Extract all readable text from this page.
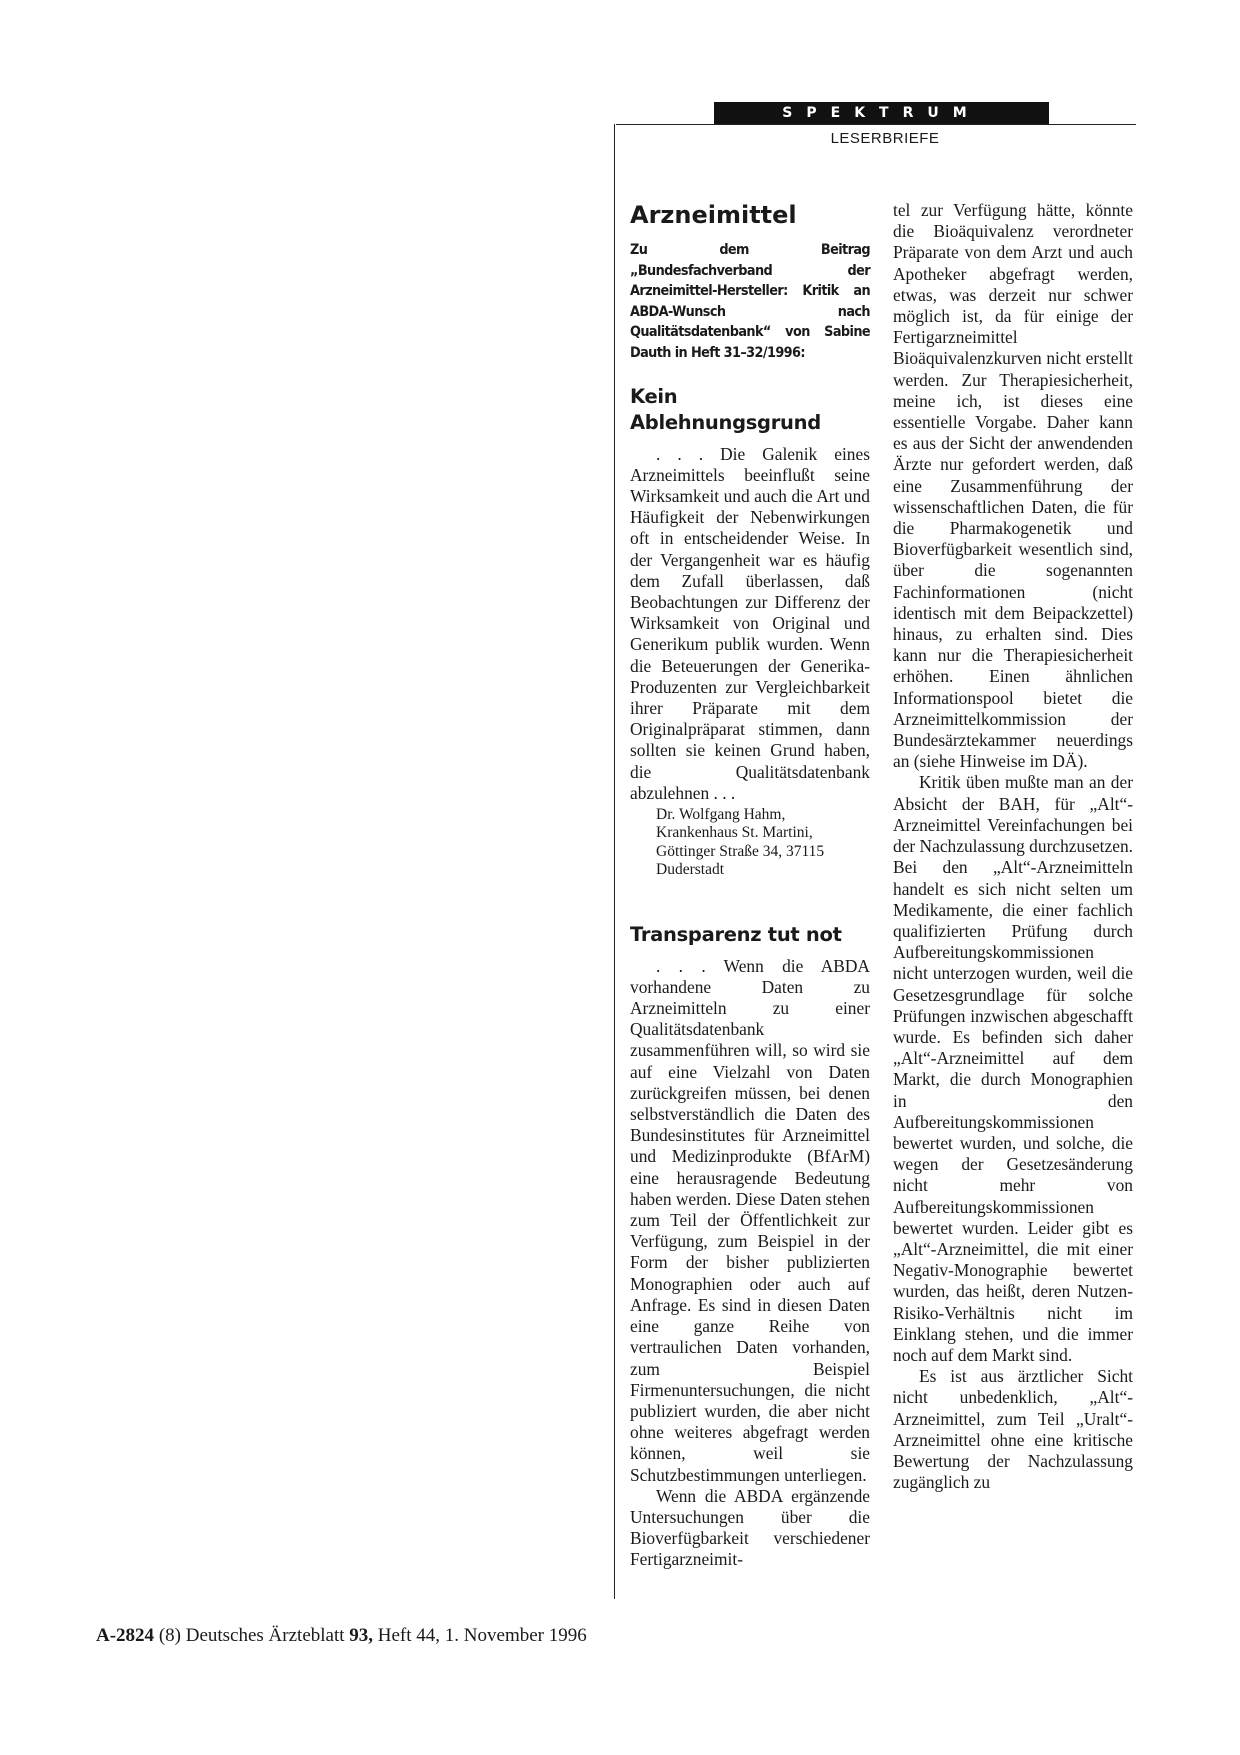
SPEKTRUM
LESERBRIEFE
Arzneimittel
Zu dem Beitrag „Bundesfachverband der Arzneimittel-Hersteller: Kritik an ABDA-Wunsch nach Qualitätsdatenbank“ von Sabine Dauth in Heft 31–32/1996:
Kein Ablehnungsgrund

. . . Die Galenik eines Arzneimittels beeinflußt seine Wirksamkeit und auch die Art und Häufigkeit der Nebenwirkungen oft in entscheidender Weise. In der Vergangenheit war es häufig dem Zufall überlassen, daß Beobachtungen zur Differenz der Wirksamkeit von Original und Generikum publik wurden. Wenn die Beteuerungen der Generika-Produzenten zur Vergleichbarkeit ihrer Präparate mit dem Originalpräparat stimmen, dann sollten sie keinen Grund haben, die Qualitätsdatenbank abzulehnen . . .

Dr. Wolfgang Hahm, Krankenhaus St. Martini, Göttinger Straße 34, 37115 Duderstadt
Transparenz tut not

. . . Wenn die ABDA vorhandene Daten zu Arzneimitteln zu einer Qualitätsdatenbank zusammenführen will, so wird sie auf eine Vielzahl von Daten zurückgreifen müssen, bei denen selbstverständlich die Daten des Bundesinstitutes für Arzneimittel und Medizinprodukte (BfArM) eine herausragende Bedeutung haben werden. Diese Daten stehen zum Teil der Öffentlichkeit zur Verfügung, zum Beispiel in der Form der bisher publizierten Monographien oder auch auf Anfrage. Es sind in diesen Daten eine ganze Reihe von vertraulichen Daten vorhanden, zum Beispiel Firmenuntersuchungen, die nicht publiziert wurden, die aber nicht ohne weiteres abgefragt werden können, weil sie Schutzbestimmungen unterliegen.

Wenn die ABDA ergänzende Untersuchungen über die Bioverfügbarkeit verschiedener Fertigarzneimit-

tel zur Verfügung hätte, könnte die Bioäquivalenz verordneter Präparate von dem Arzt und auch Apotheker abgefragt werden, etwas, was derzeit nur schwer möglich ist, da für einige der Fertigarzneimittel Bioäquivalenzkurven nicht erstellt werden. Zur Therapiesicherheit, meine ich, ist dieses eine essentielle Vorgabe. Daher kann es aus der Sicht der anwendenden Ärzte nur gefordert werden, daß eine Zusammenführung der wissenschaftlichen Daten, die für die Pharmakogenetik und Bioverfügbarkeit wesentlich sind, über die sogenannten Fachinformationen (nicht identisch mit dem Beipackzettel) hinaus, zu erhalten sind. Dies kann nur die Therapiesicherheit erhöhen. Einen ähnlichen Informationspool bietet die Arzneimittelkommission der Bundesärztekammer neuerdings an (siehe Hinweise im DÄ).

Kritik üben mußte man an der Absicht der BAH, für „Alt“-Arzneimittel Vereinfachungen bei der Nachzulassung durchzusetzen. Bei den „Alt“-Arzneimitteln handelt es sich nicht selten um Medikamente, die einer fachlich qualifizierten Prüfung durch Aufbereitungskommissionen nicht unterzogen wurden, weil die Gesetzesgrundlage für solche Prüfungen inzwischen abgeschafft wurde. Es befinden sich daher „Alt“-Arzneimittel auf dem Markt, die durch Monographien in den Aufbereitungskommissionen bewertet wurden, und solche, die wegen der Gesetzesänderung nicht mehr von Aufbereitungskommissionen bewertet wurden. Leider gibt es „Alt“-Arzneimittel, die mit einer Negativ-Monographie bewertet wurden, das heißt, deren Nutzen-Risiko-Verhältnis nicht im Einklang stehen, und die immer noch auf dem Markt sind.

Es ist aus ärztlicher Sicht nicht unbedenklich, „Alt“-Arzneimittel, zum Teil „Uralt“-Arzneimittel ohne eine kritische Bewertung der Nachzulassung zugänglich zu

A-2824 (8) Deutsches Ärzteblatt 93, Heft 44, 1. November 1996
